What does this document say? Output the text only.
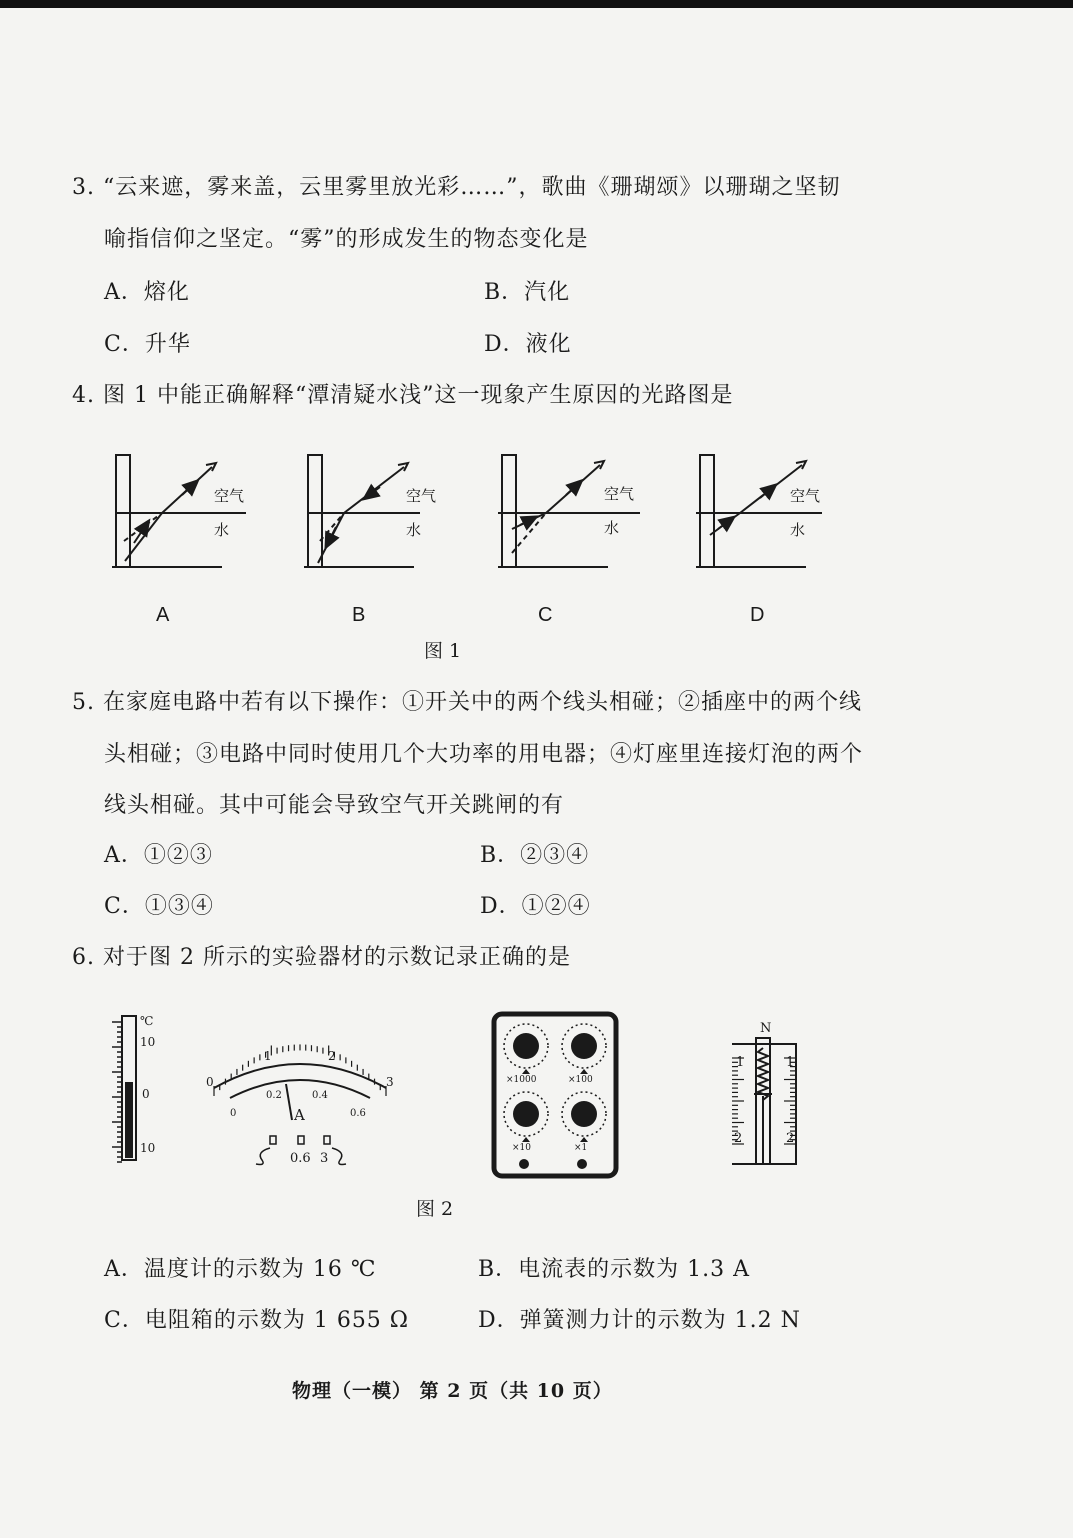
3. “云来遮，雾来盖，云里雾里放光彩……”，歌曲《珊瑚颂》以珊瑚之坚韧
喻指信仰之坚定。“雾”的形成发生的物态变化是
A．熔化	B．汽化
C．升华	D．液化
4. 图 1 中能正确解释“潭清疑水浅”这一现象产生原因的光路图是
空气
水
空气
水
空气
水
空气
水
A	B	C	D
图 1
5. 在家庭电路中若有以下操作：①开关中的两个线头相碰；②插座中的两个线
头相碰；③电路中同时使用几个大功率的用电器；④灯座里连接灯泡的两个
线头相碰。其中可能会导致空气开关跳闸的有
A．①②③	B．②③④
C．①③④	D．①②④
6. 对于图 2 所示的实验器材的示数记录正确的是
℃
10
0
10
0
1	2
3
0
0.2	0.4
0.6
A
0.6 3
×1000	×100
×10	×1
N
1	1
2	2
图 2
A．温度计的示数为 16 ℃	B．电流表的示数为 1.3 A
C．电阻箱的示数为 1 655 Ω	D．弹簧测力计的示数为 1.2 N
物理（一模） 第 2 页（共 10 页）
